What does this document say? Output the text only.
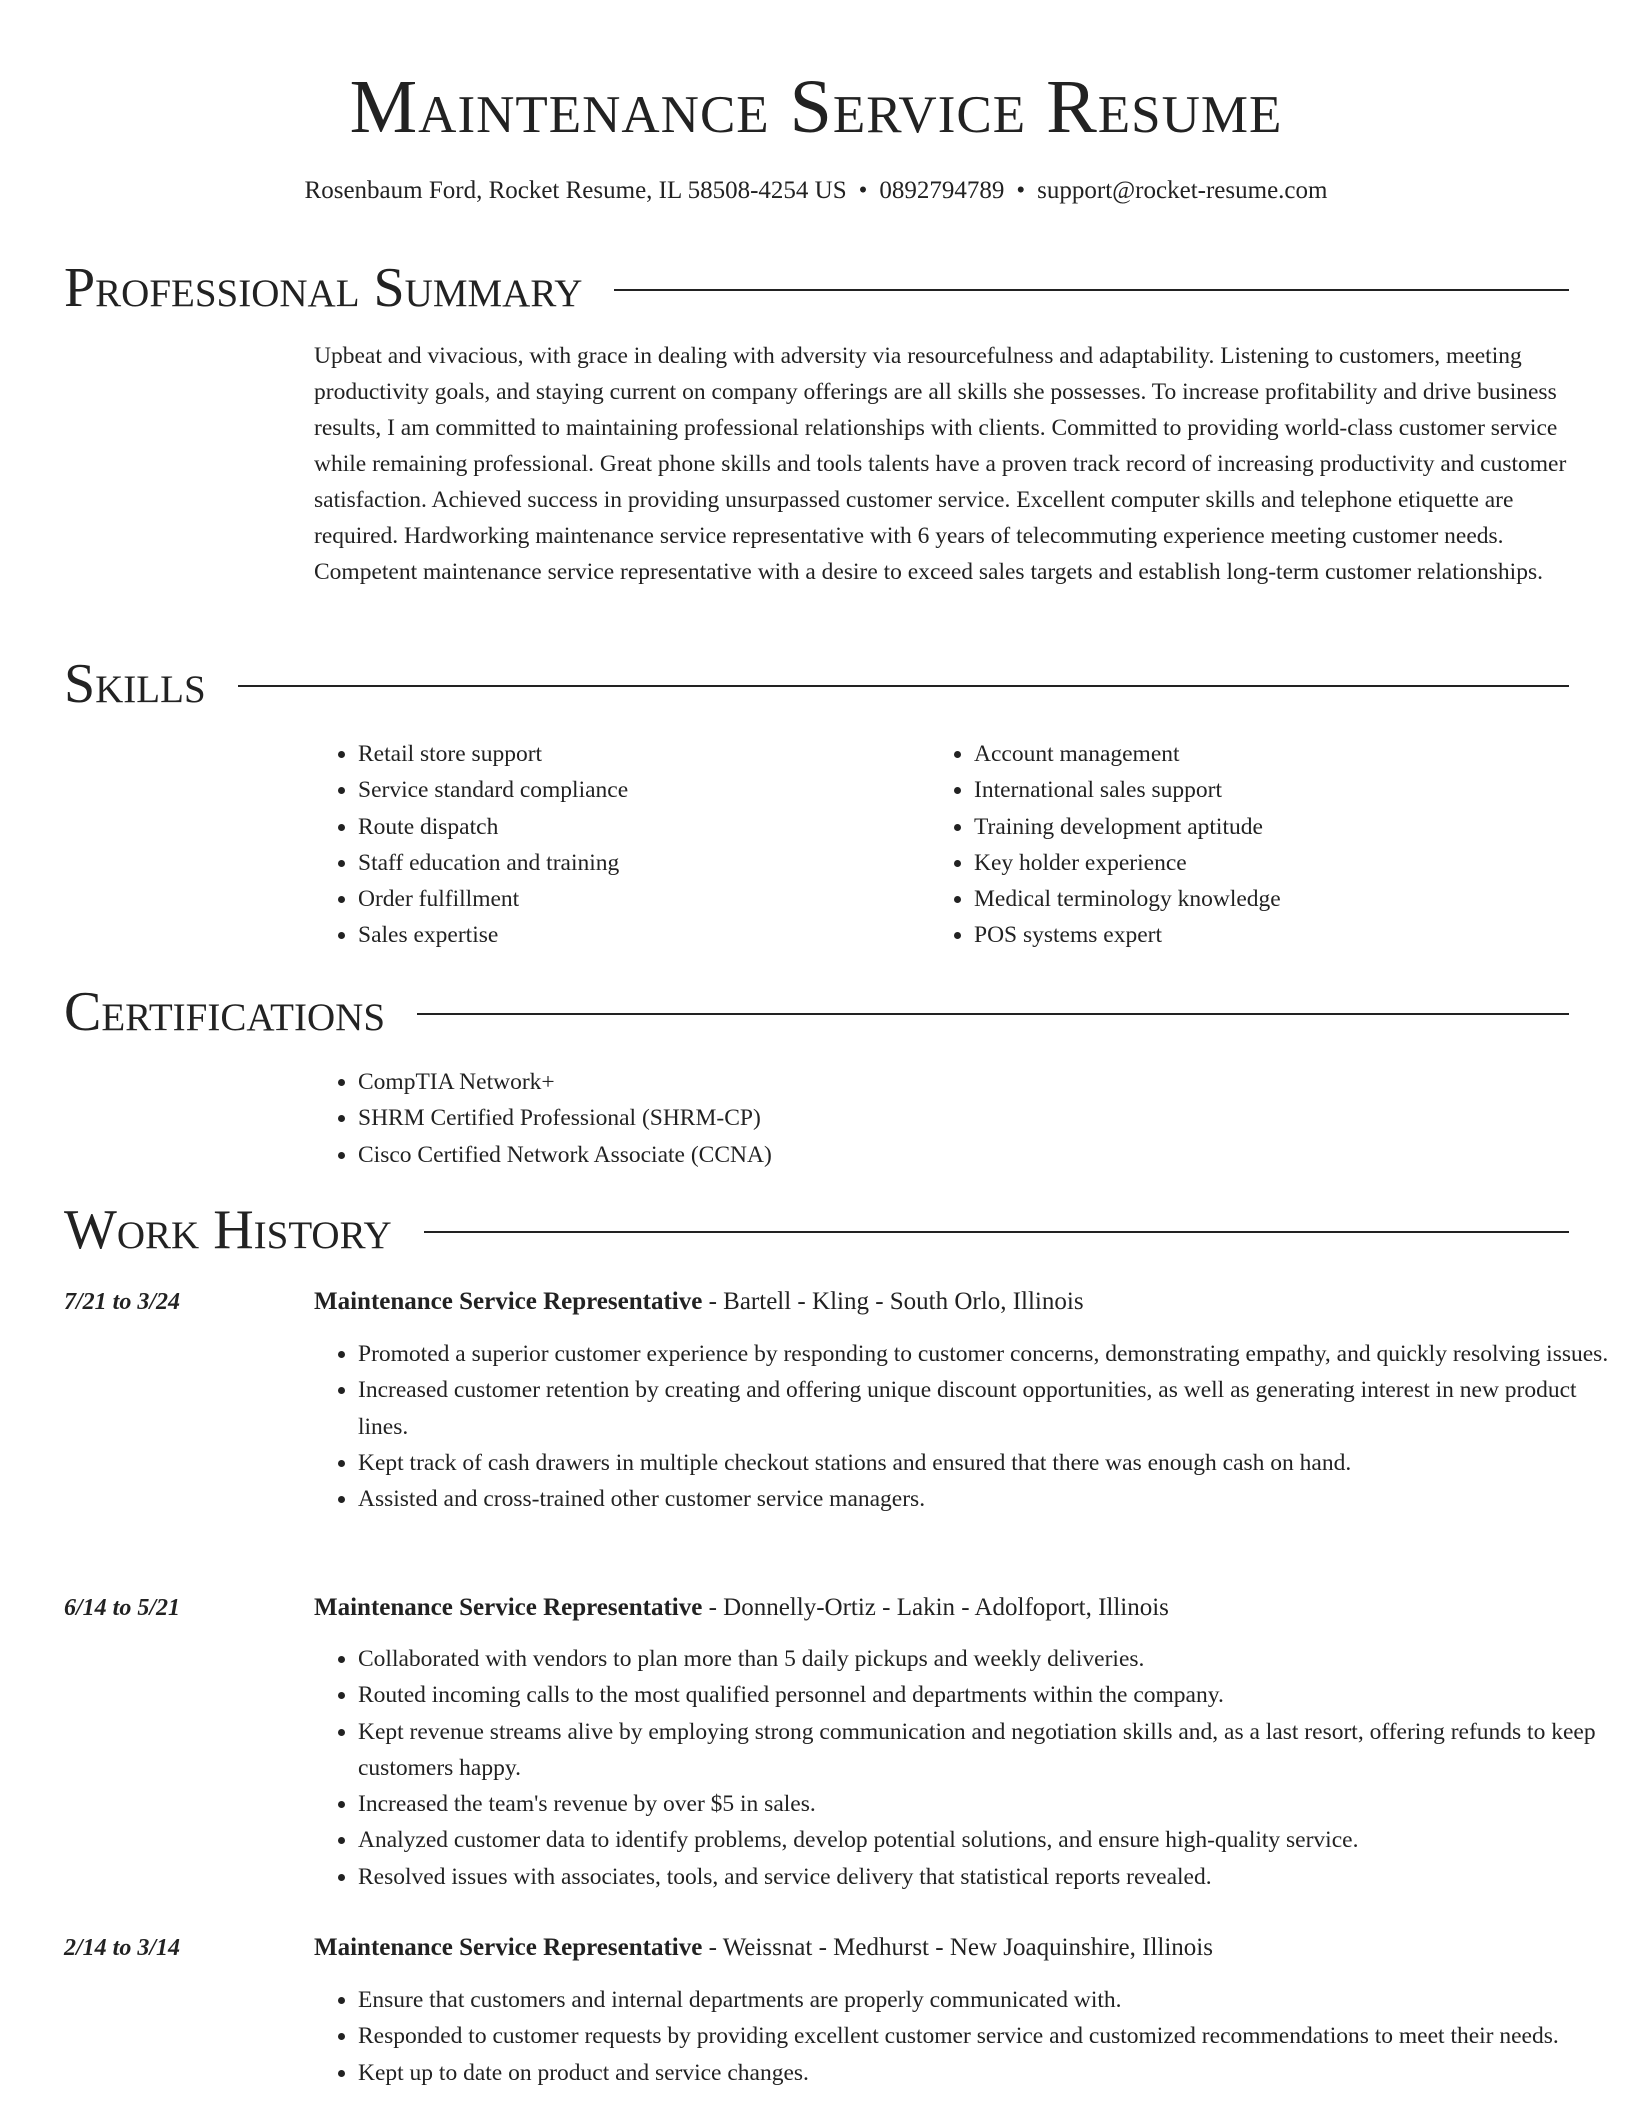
Maintenance Service Resume
Rosenbaum Ford, Rocket Resume, IL 58508-4254 US • 0892794789 • support@rocket-resume.com
Professional Summary
Upbeat and vivacious, with grace in dealing with adversity via resourcefulness and adaptability. Listening to customers, meeting productivity goals, and staying current on company offerings are all skills she possesses. To increase profitability and drive business results, I am committed to maintaining professional relationships with clients. Committed to providing world-class customer service while remaining professional. Great phone skills and tools talents have a proven track record of increasing productivity and customer satisfaction. Achieved success in providing unsurpassed customer service. Excellent computer skills and telephone etiquette are required. Hardworking maintenance service representative with 6 years of telecommuting experience meeting customer needs. Competent maintenance service representative with a desire to exceed sales targets and establish long-term customer relationships.
Skills
• Retail store support
• Service standard compliance
• Route dispatch
• Staff education and training
• Order fulfillment
• Sales expertise
• Account management
• International sales support
• Training development aptitude
• Key holder experience
• Medical terminology knowledge
• POS systems expert
Certifications
• CompTIA Network+
• SHRM Certified Professional (SHRM-CP)
• Cisco Certified Network Associate (CCNA)
Work History
7/21 to 3/24	Maintenance Service Representative - Bartell - Kling - South Orlo, Illinois
• Promoted a superior customer experience by responding to customer concerns, demonstrating empathy, and quickly resolving issues.
• Increased customer retention by creating and offering unique discount opportunities, as well as generating interest in new product lines.
• Kept track of cash drawers in multiple checkout stations and ensured that there was enough cash on hand.
• Assisted and cross-trained other customer service managers.
6/14 to 5/21	Maintenance Service Representative - Donnelly-Ortiz - Lakin - Adolfoport, Illinois
• Collaborated with vendors to plan more than 5 daily pickups and weekly deliveries.
• Routed incoming calls to the most qualified personnel and departments within the company.
• Kept revenue streams alive by employing strong communication and negotiation skills and, as a last resort, offering refunds to keep customers happy.
• Increased the team's revenue by over $5 in sales.
• Analyzed customer data to identify problems, develop potential solutions, and ensure high-quality service.
• Resolved issues with associates, tools, and service delivery that statistical reports revealed.
2/14 to 3/14	Maintenance Service Representative - Weissnat - Medhurst - New Joaquinshire, Illinois
• Ensure that customers and internal departments are properly communicated with.
• Responded to customer requests by providing excellent customer service and customized recommendations to meet their needs.
• Kept up to date on product and service changes.
